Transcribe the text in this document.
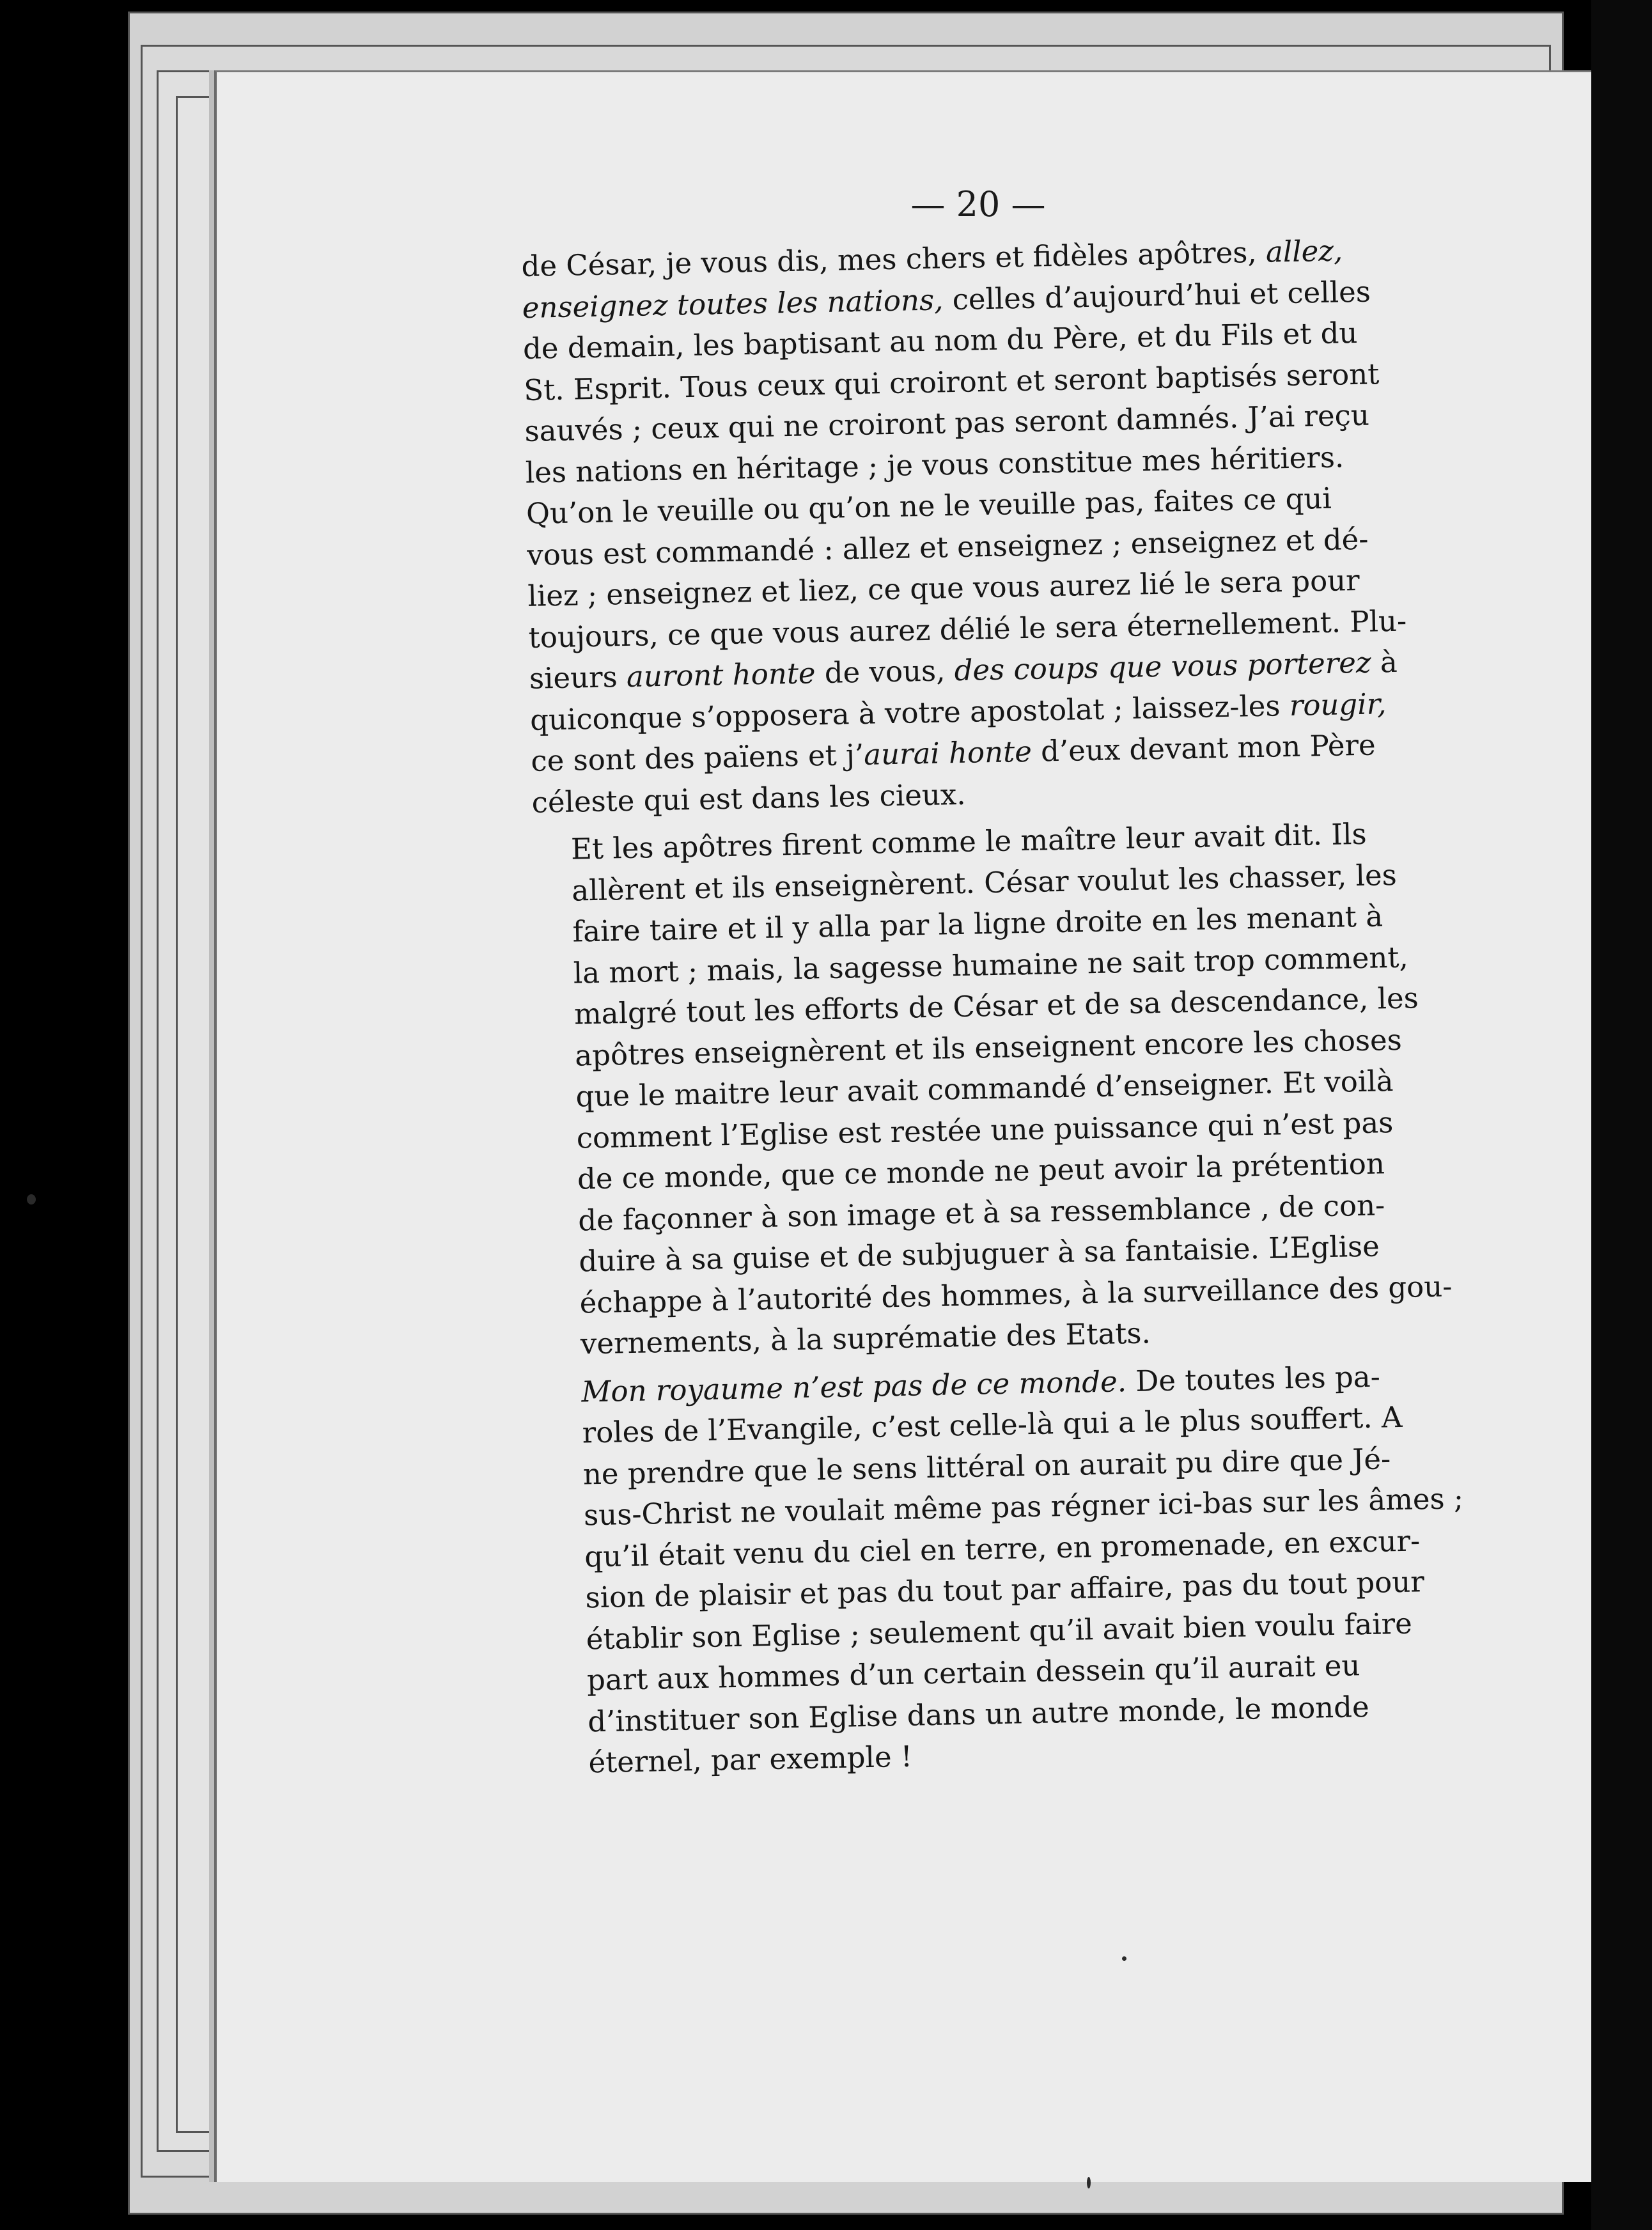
— 20 —

de César, je vous dis, mes chers et fidèles apôtres, allez,
enseignez toutes les nations, celles d’aujourd’hui et celles
de demain, les baptisant au nom du Père, et du Fils et du
St. Esprit. Tous ceux qui croiront et seront baptisés seront
sauvés ; ceux qui ne croiront pas seront damnés. J’ai reçu
les nations en héritage ; je vous constitue mes héritiers.
Qu’on le veuille ou qu’on ne le veuille pas, faites ce qui
vous est commandé : allez et enseignez ; enseignez et dé-
liez ; enseignez et liez, ce que vous aurez lié le sera pour
toujours, ce que vous aurez délié le sera éternellement. Plu-
sieurs auront honte de vous, des coups que vous porterez à
quiconque s’opposera à votre apostolat ; laissez-les rougir,
ce sont des païens et j’aurai honte d’eux devant mon Père
céleste qui est dans les cieux.

Et les apôtres firent comme le maître leur avait dit. Ils
allèrent et ils enseignèrent. César voulut les chasser, les
faire taire et il y alla par la ligne droite en les menant à
la mort ; mais, la sagesse humaine ne sait trop comment,
malgré tout les efforts de César et de sa descendance, les
apôtres enseignèrent et ils enseignent encore les choses
que le maitre leur avait commandé d’enseigner. Et voilà
comment l’Eglise est restée une puissance qui n’est pas
de ce monde, que ce monde ne peut avoir la prétention
de façonner à son image et à sa ressemblance , de con-
duire à sa guise et de subjuguer à sa fantaisie. L’Eglise
échappe à l’autorité des hommes, à la surveillance des gou-
vernements, à la suprématie des Etats.

Mon royaume n’est pas de ce monde. De toutes les pa-
roles de l’Evangile, c’est celle-là qui a le plus souffert. A
ne prendre que le sens littéral on aurait pu dire que Jé-
sus-Christ ne voulait même pas régner ici-bas sur les âmes ;
qu’il était venu du ciel en terre, en promenade, en excur-
sion de plaisir et pas du tout par affaire, pas du tout pour
établir son Eglise ; seulement qu’il avait bien voulu faire
part aux hommes d’un certain dessein qu’il aurait eu
d’instituer son Eglise dans un autre monde, le monde
éternel, par exemple !
